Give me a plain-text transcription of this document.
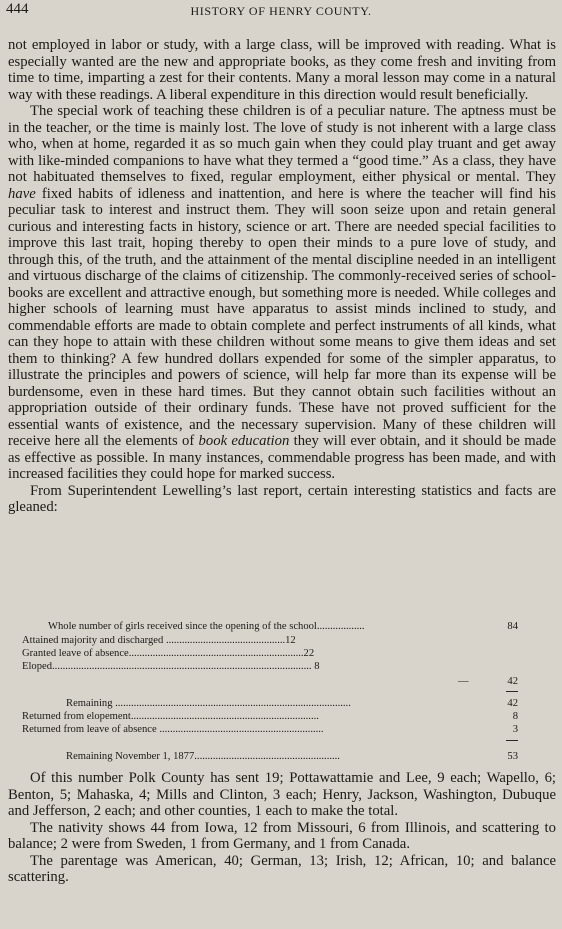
444	HISTORY OF HENRY COUNTY.

not employed in labor or study, with a large class, will be improved with reading. What is especially wanted are the new and appropriate books, as they come fresh and inviting from time to time, imparting a zest for their contents. Many a moral lesson may come in a natural way with these readings. A liberal expenditure in this direction would result beneficially.

The special work of teaching these children is of a peculiar nature. The aptness must be in the teacher, or the time is mainly lost. The love of study is not inherent with a large class who, when at home, regarded it as so much gain when they could play truant and get away with like-minded companions to have what they termed a “good time.” As a class, they have not habituated themselves to fixed, regular employment, either physical or mental. They have fixed habits of idleness and inattention, and here is where the teacher will find his peculiar task to interest and instruct them. They will soon seize upon and retain general curious and interesting facts in history, science or art. There are needed special facilities to improve this last trait, hoping thereby to open their minds to a pure love of study, and through this, of the truth, and the attainment of the mental discipline needed in an intelligent and virtuous discharge of the claims of citizenship. The commonly-received series of school-books are excellent and attractive enough, but something more is needed. While colleges and higher schools of learning must have apparatus to assist minds inclined to study, and commendable efforts are made to obtain complete and perfect instruments of all kinds, what can they hope to attain with these children without some means to give them ideas and set them to thinking? A few hundred dollars expended for some of the simpler apparatus, to illustrate the principles and powers of science, will help far more than its expense will be burdensome, even in these hard times. But they cannot obtain such facilities without an appropriation outside of their ordinary funds. These have not proved sufficient for the essential wants of existence, and the necessary supervision. Many of these children will receive here all the elements of book education they will ever obtain, and it should be made as effective as possible. In many instances, commendable progress has been made, and with increased facilities they could hope for marked success.

From Superintendent Lewelling’s last report, certain interesting statistics and facts are gleaned:

Whole number of girls received since the opening of the school..................	84
Attained majority and discharged .............................................12
Granted leave of absence..................................................................22
Eloped.................................................................................................. 8
—	42
Remaining .........................................................................................	42
Returned from elopement.......................................................................	8
Returned from leave of absence ..............................................................	3
Remaining November 1, 1877.......................................................	53

Of this number Polk County has sent 19; Pottawattamie and Lee, 9 each; Wapello, 6; Benton, 5; Mahaska, 4; Mills and Clinton, 3 each; Henry, Jackson, Washington, Dubuque and Jefferson, 2 each; and other counties, 1 each to make the total.

The nativity shows 44 from Iowa, 12 from Missouri, 6 from Illinois, and scattering to balance; 2 were from Sweden, 1 from Germany, and 1 from Canada.

The parentage was American, 40; German, 13; Irish, 12; African, 10; and balance scattering.
